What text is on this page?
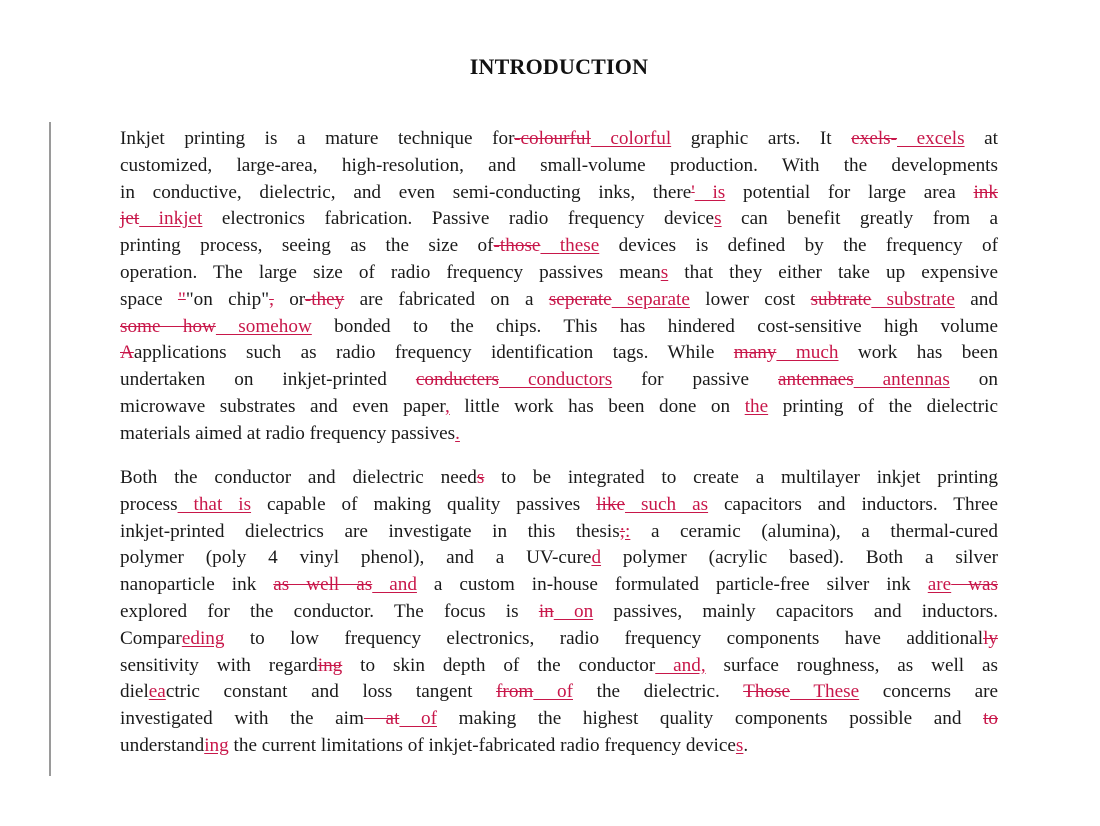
INTRODUCTION
Inkjet printing is a mature technique for-colourful colorful graphic arts. It exels- excels at
customized, large-area, high-resolution, and small-volume production. With the developments
in conductive, dielectric, and even semi-conducting inks, there' is potential for large area ink
jet inkjet electronics fabrication. Passive radio frequency devices can benefit greatly from a
printing process, seeing as the size of-those these devices is defined by the frequency of
operation. The large size of radio frequency passives means that they either take up expensive
space ""on chip", or-they are fabricated on a seperate separate lower cost subtrate substrate and
some how somehow bonded to the chips. This has hindered cost-sensitive high volume
Aapplications such as radio frequency identification tags. While many much work has been
undertaken on inkjet-printed conducters conductors for passive antennaes antennas on
microwave substrates and even paper, little work has been done on the printing of the dielectric
materials aimed at radio frequency passives.
Both the conductor and dielectric needs to be integrated to create a multilayer inkjet printing
process that is capable of making quality passives like such as capacitors and inductors. Three
inkjet-printed dielectrics are investigate in this thesis;: a ceramic (alumina), a thermal-cured
polymer (poly 4 vinyl phenol), and a UV-cured polymer (acrylic based). Both a silver
nanoparticle ink as well as and a custom in-house formulated particle-free silver ink are was
explored for the conductor. The focus is in on passives, mainly capacitors and inductors.
Compareding to low frequency electronics, radio frequency components have additionally
sensitivity with regarding to skin depth of the conductor and, surface roughness, as well as
dieleactric constant and loss tangent from of the dielectric. Those These concerns are
investigated with the aim at of making the highest quality components possible and to
understanding the current limitations of inkjet-fabricated radio frequency devices.
